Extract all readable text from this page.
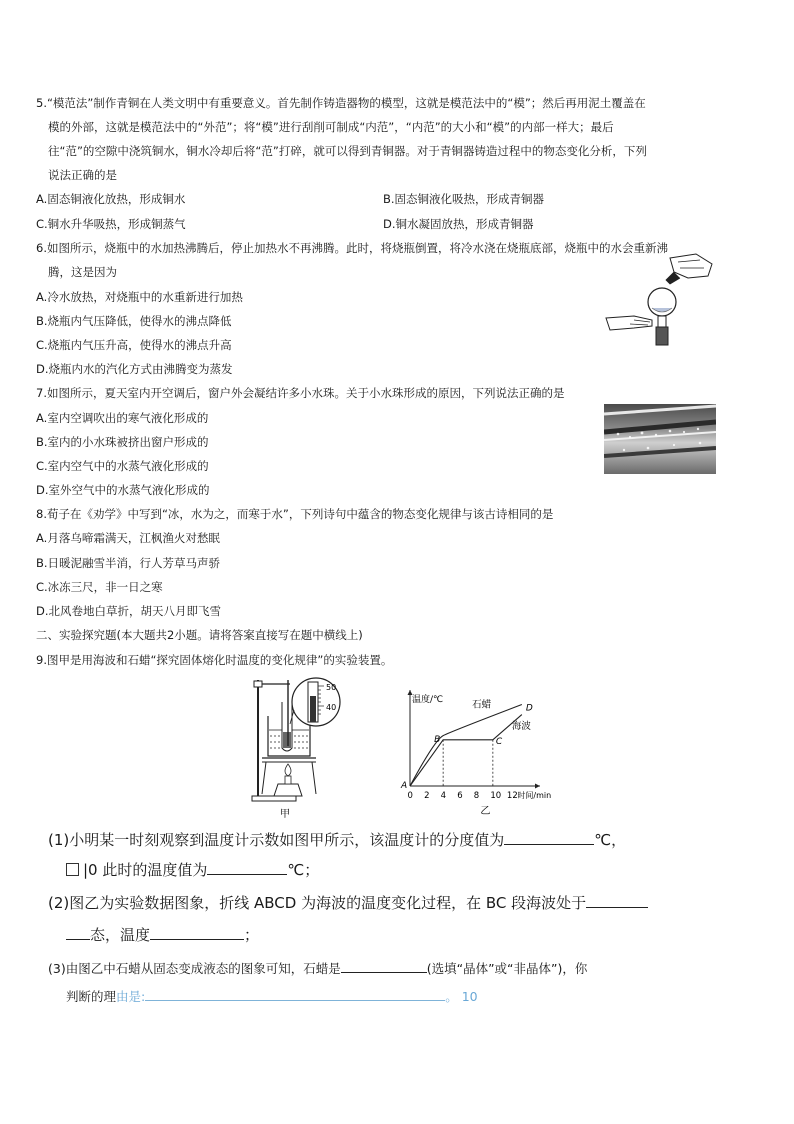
5.“模范法”制作青铜在人类文明中有重要意义。首先制作铸造器物的模型，这就是模范法中的“模”；然后再用泥土覆盖在
模的外部，这就是模范法中的“外范”；将“模”进行刮削可制成“内范”，“内范”的大小和“模”的内部一样大；最后
往“范”的空隙中浇筑铜水，铜水冷却后将“范”打碎，就可以得到青铜器。对于青铜器铸造过程中的物态变化分析，下列
说法正确的是
A.固态铜液化放热，形成铜水	B.固态铜液化吸热，形成青铜器
C.铜水升华吸热，形成铜蒸气	D.铜水凝固放热，形成青铜器
6.如图所示，烧瓶中的水加热沸腾后，停止加热水不再沸腾。此时，将烧瓶倒置，将冷水浇在烧瓶底部，烧瓶中的水会重新沸
腾，这是因为
A.冷水放热，对烧瓶中的水重新进行加热
B.烧瓶内气压降低，使得水的沸点降低
C.烧瓶内气压升高，使得水的沸点升高
D.烧瓶内水的汽化方式由沸腾变为蒸发
7.如图所示，夏天室内开空调后，窗户外会凝结许多小水珠。关于小水珠形成的原因，下列说法正确的是
A.室内空调吹出的寒气液化形成的
B.室内的小水珠被挤出窗户形成的
C.室内空气中的水蒸气液化形成的
D.室外空气中的水蒸气液化形成的
8.荀子在《劝学》中写到“冰，水为之，而寒于水”，下列诗句中蕴含的物态变化规律与该古诗相同的是
A.月落乌啼霜满天，江枫渔火对愁眠
B.日暖泥融雪半消，行人芳草马声骄
C.冰冻三尺，非一日之寒
D.北风卷地白草折，胡天八月即飞雪
二、实验探究题(本大题共2小题。请将答案直接写在题中横线上)
9.图甲是用海波和石蜡“探究固体熔化时温度的变化规律”的实验装置。
50
40
甲
温度/℃
时间/min
0 2 4 6 8 10 12
乙
A
B	C
D
石蜡
海波
(1)小明某一时刻观察到温度计示数如图甲所示，该温度计的分度值为	℃，
|0 此时的温度值为	℃；
(2)图乙为实验数据图象，折线 ABCD 为海波的温度变化过程，在 BC 段海波处于
态，温度	；
(3)由图乙中石蜡从固态变成液态的图象可知，石蜡是	(选填“晶体”或“非晶体”)，你
判断的理由是:	。 10
